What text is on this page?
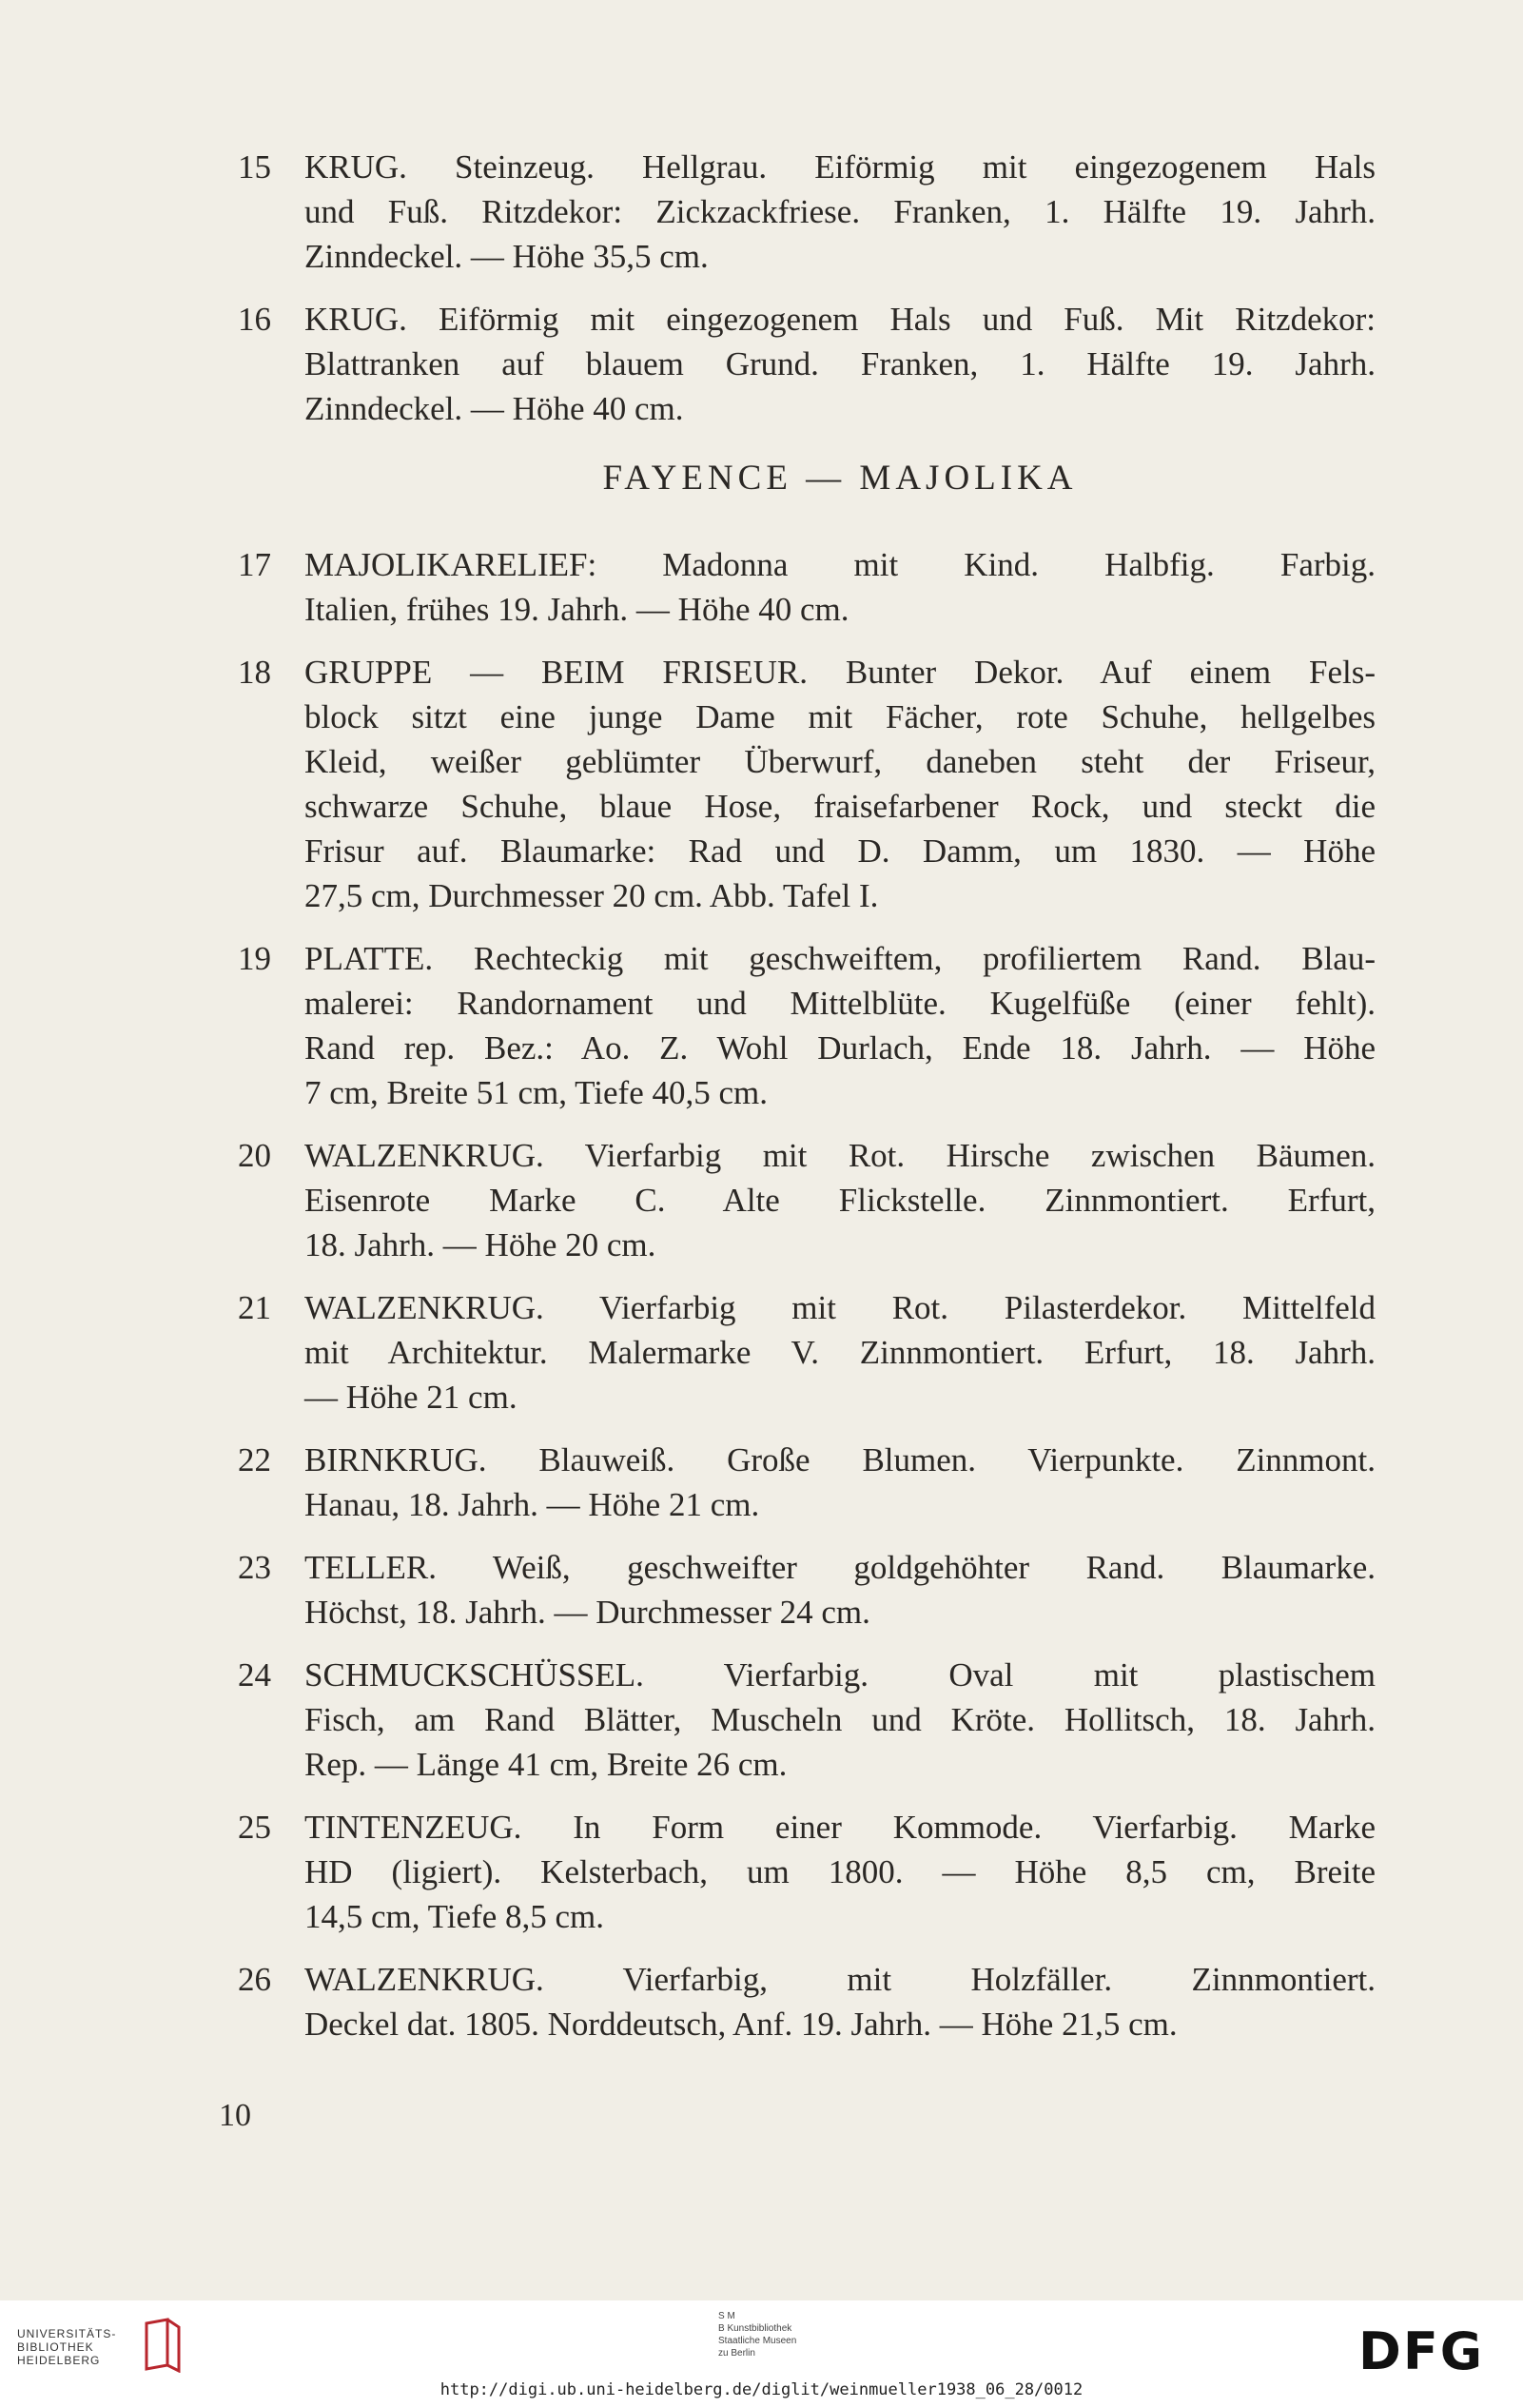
15	KRUG. Steinzeug. Hellgrau. Eiförmig mit eingezogenem Hals
und Fuß. Ritzdekor: Zickzackfriese. Franken, 1. Hälfte 19. Jahrh.
Zinndeckel. — Höhe 35,5 cm.
16	KRUG. Eiförmig mit eingezogenem Hals und Fuß. Mit Ritzdekor:
Blattranken auf blauem Grund. Franken, 1. Hälfte 19. Jahrh.
Zinndeckel. — Höhe 40 cm.
FAYENCE — MAJOLIKA
17	MAJOLIKARELIEF: Madonna mit Kind. Halbfig. Farbig.
Italien, frühes 19. Jahrh. — Höhe 40 cm.
18	GRUPPE — BEIM FRISEUR. Bunter Dekor. Auf einem Fels-
block sitzt eine junge Dame mit Fächer, rote Schuhe, hellgelbes
Kleid, weißer geblümter Überwurf, daneben steht der Friseur,
schwarze Schuhe, blaue Hose, fraisefarbener Rock, und steckt die
Frisur auf. Blaumarke: Rad und D. Damm, um 1830. — Höhe
27,5 cm, Durchmesser 20 cm. Abb. Tafel I.
19	PLATTE. Rechteckig mit geschweiftem, profiliertem Rand. Blau-
malerei: Randornament und Mittelblüte. Kugelfüße (einer fehlt).
Rand rep. Bez.: Ao. Z. Wohl Durlach, Ende 18. Jahrh. — Höhe
7 cm, Breite 51 cm, Tiefe 40,5 cm.
20	WALZENKRUG. Vierfarbig mit Rot. Hirsche zwischen Bäumen.
Eisenrote Marke C. Alte Flickstelle. Zinnmontiert. Erfurt,
18. Jahrh. — Höhe 20 cm.
21	WALZENKRUG. Vierfarbig mit Rot. Pilasterdekor. Mittelfeld
mit Architektur. Malermarke V. Zinnmontiert. Erfurt, 18. Jahrh.
— Höhe 21 cm.
22	BIRNKRUG. Blauweiß. Große Blumen. Vierpunkte. Zinnmont.
Hanau, 18. Jahrh. — Höhe 21 cm.
23	TELLER. Weiß, geschweifter goldgehöhter Rand. Blaumarke.
Höchst, 18. Jahrh. — Durchmesser 24 cm.
24	SCHMUCKSCHÜSSEL. Vierfarbig. Oval mit plastischem
Fisch, am Rand Blätter, Muscheln und Kröte. Hollitsch, 18. Jahrh.
Rep. — Länge 41 cm, Breite 26 cm.
25	TINTENZEUG. In Form einer Kommode. Vierfarbig. Marke
HD (ligiert). Kelsterbach, um 1800. — Höhe 8,5 cm, Breite
14,5 cm, Tiefe 8,5 cm.
26	WALZENKRUG. Vierfarbig, mit Holzfäller. Zinnmontiert.
Deckel dat. 1805. Norddeutsch, Anf. 19. Jahrh. — Höhe 21,5 cm.
10
UNIVERSITÄTS-
BIBLIOTHEK
HEIDELBERG
S M
B Kunstbibliothek
Staatliche Museen
zu Berlin	DFG
http://digi.ub.uni-heidelberg.de/diglit/weinmueller1938_06_28/0012
